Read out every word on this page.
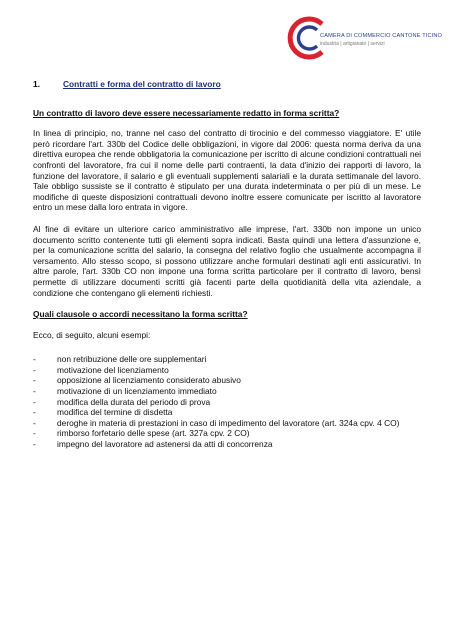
CAMERA DI COMMERCIO CANTONE TICINO
industria | artigianato | servizi
1.	Contratti e forma del contratto di lavoro
Un contratto di lavoro deve essere necessariamente redatto in forma scritta?

In linea di principio, no, tranne nel caso del contratto di tirocinio e del commesso viaggiatore. E' utile però ricordare l'art. 330b del Codice delle obbligazioni, in vigore dal 2006: questa norma deriva da una direttiva europea che rende obbligatoria la comunicazione per iscritto di alcune condizioni contrattuali nei confronti del lavoratore, fra cui il nome delle parti contraenti, la data d'inizio dei rapporti di lavoro, la funzione del lavoratore, il salario e gli eventuali supplementi salariali e la durata settimanale del lavoro. Tale obbligo sussiste se il contratto è stipulato per una durata indeterminata o per più di un mese. Le modifiche di queste disposizioni contrattuali devono inoltre essere comunicate per iscritto al lavoratore entro un mese dalla loro entrata in vigore.

Al fine di evitare un ulteriore carico amministrativo alle imprese, l'art. 330b non impone un unico documento scritto contenente tutti gli elementi sopra indicati. Basta quindi una lettera d'assunzione e, per la comunicazione scritta del salario, la consegna del relativo foglio che usualmente accompagna il versamento. Allo stesso scopo, si possono utilizzare anche formulari destinati agli enti assicurativi. In altre parole, l'art. 330b CO non impone una forma scritta particolare per il contratto di lavoro, bensì permette di utilizzare documenti scritti già facenti parte della quotidianità della vita aziendale, a condizione che contengano gli elementi richiesti.

Quali clausole o accordi necessitano la forma scritta?

Ecco, di seguito, alcuni esempi:

-	non retribuzione delle ore supplementari
-	motivazione del licenziamento
-	opposizione al licenziamento considerato abusivo
-	motivazione di un licenziamento immediato
-	modifica della durata del periodo di prova
-	modifica del termine di disdetta
-	deroghe in materia di prestazioni in caso di impedimento del lavoratore (art. 324a cpv. 4 CO)
-	rimborso forfetario delle spese (art. 327a cpv. 2 CO)
-	impegno del lavoratore ad astenersi da atti di concorrenza
